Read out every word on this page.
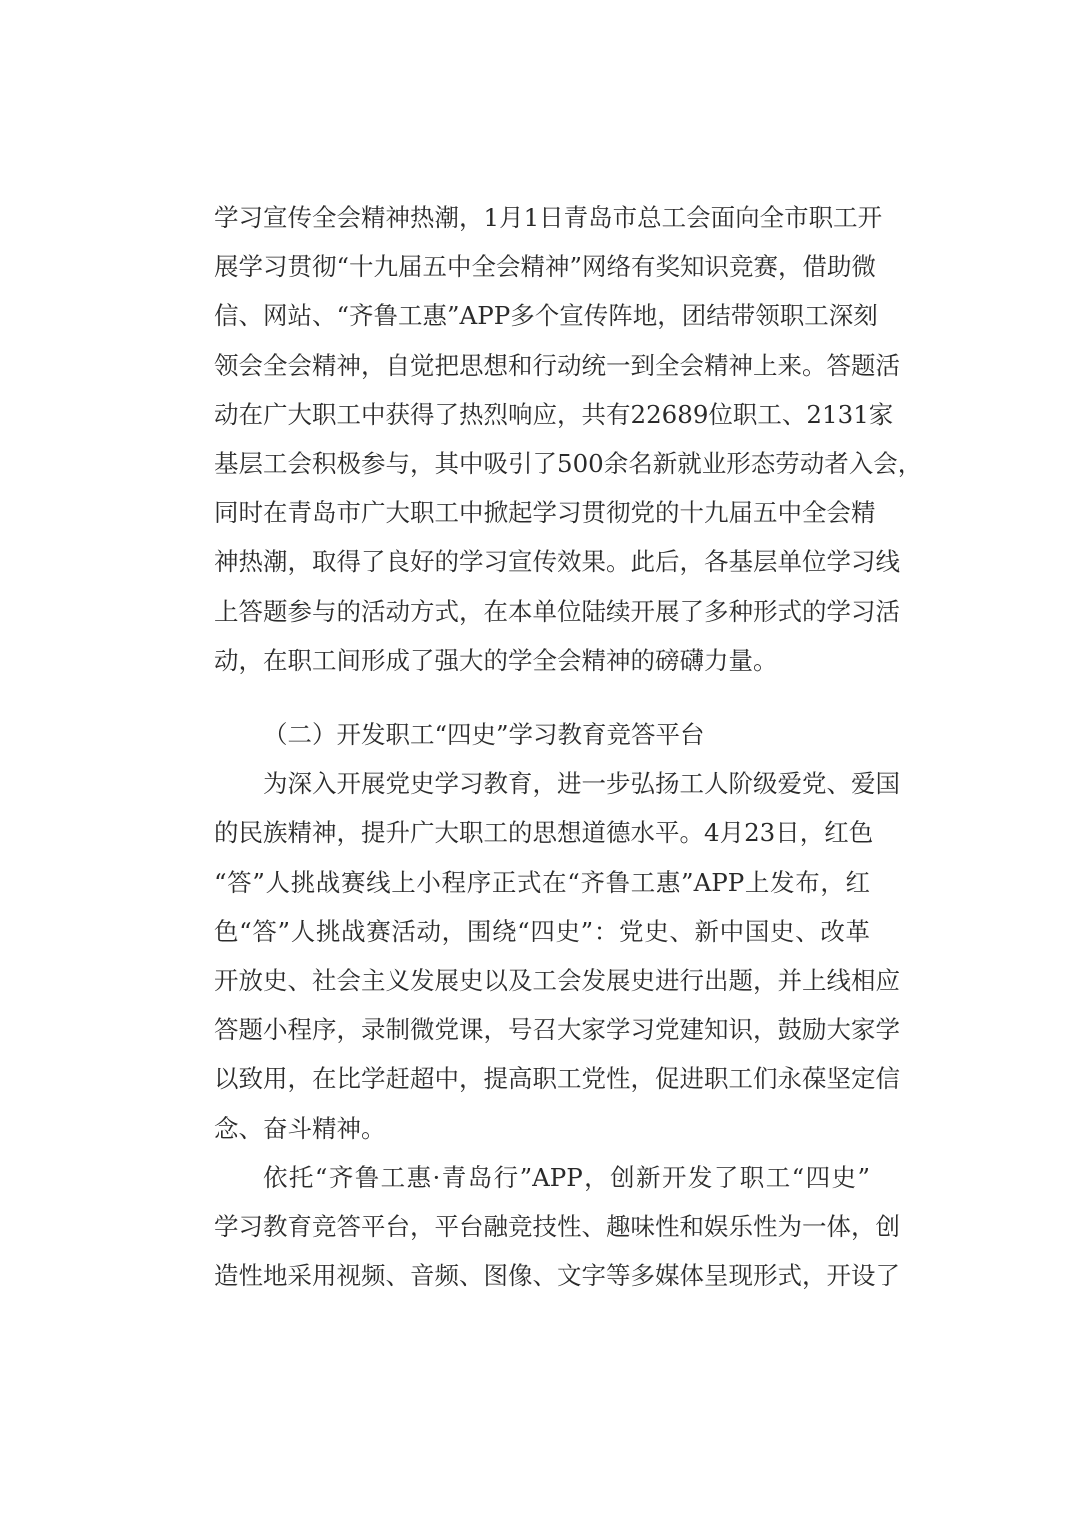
学习宣传全会精神热潮，1月1日青岛市总工会面向全市职工开
展学习贯彻“十九届五中全会精神”网络有奖知识竞赛，借助微
信、网站、“齐鲁工惠”APP多个宣传阵地，团结带领职工深刻
领会全会精神，自觉把思想和行动统一到全会精神上来。答题活
动在广大职工中获得了热烈响应，共有22689位职工、2131家
基层工会积极参与，其中吸引了500余名新就业形态劳动者入会，
同时在青岛市广大职工中掀起学习贯彻党的十九届五中全会精
神热潮，取得了良好的学习宣传效果。此后，各基层单位学习线
上答题参与的活动方式，在本单位陆续开展了多种形式的学习活
动，在职工间形成了强大的学全会精神的磅礴力量。
（二）开发职工“四史”学习教育竞答平台
为深入开展党史学习教育，进一步弘扬工人阶级爱党、爱国
的民族精神，提升广大职工的思想道德水平。4月23日，红色
“答”人挑战赛线上小程序正式在“齐鲁工惠”APP上发布，红
色“答”人挑战赛活动，围绕“四史”：党史、新中国史、改革
开放史、社会主义发展史以及工会发展史进行出题，并上线相应
答题小程序，录制微党课，号召大家学习党建知识，鼓励大家学
以致用，在比学赶超中，提高职工党性，促进职工们永葆坚定信
念、奋斗精神。
依托“齐鲁工惠·青岛行”APP，创新开发了职工“四史”
学习教育竞答平台，平台融竞技性、趣味性和娱乐性为一体，创
造性地采用视频、音频、图像、文字等多媒体呈现形式，开设了
